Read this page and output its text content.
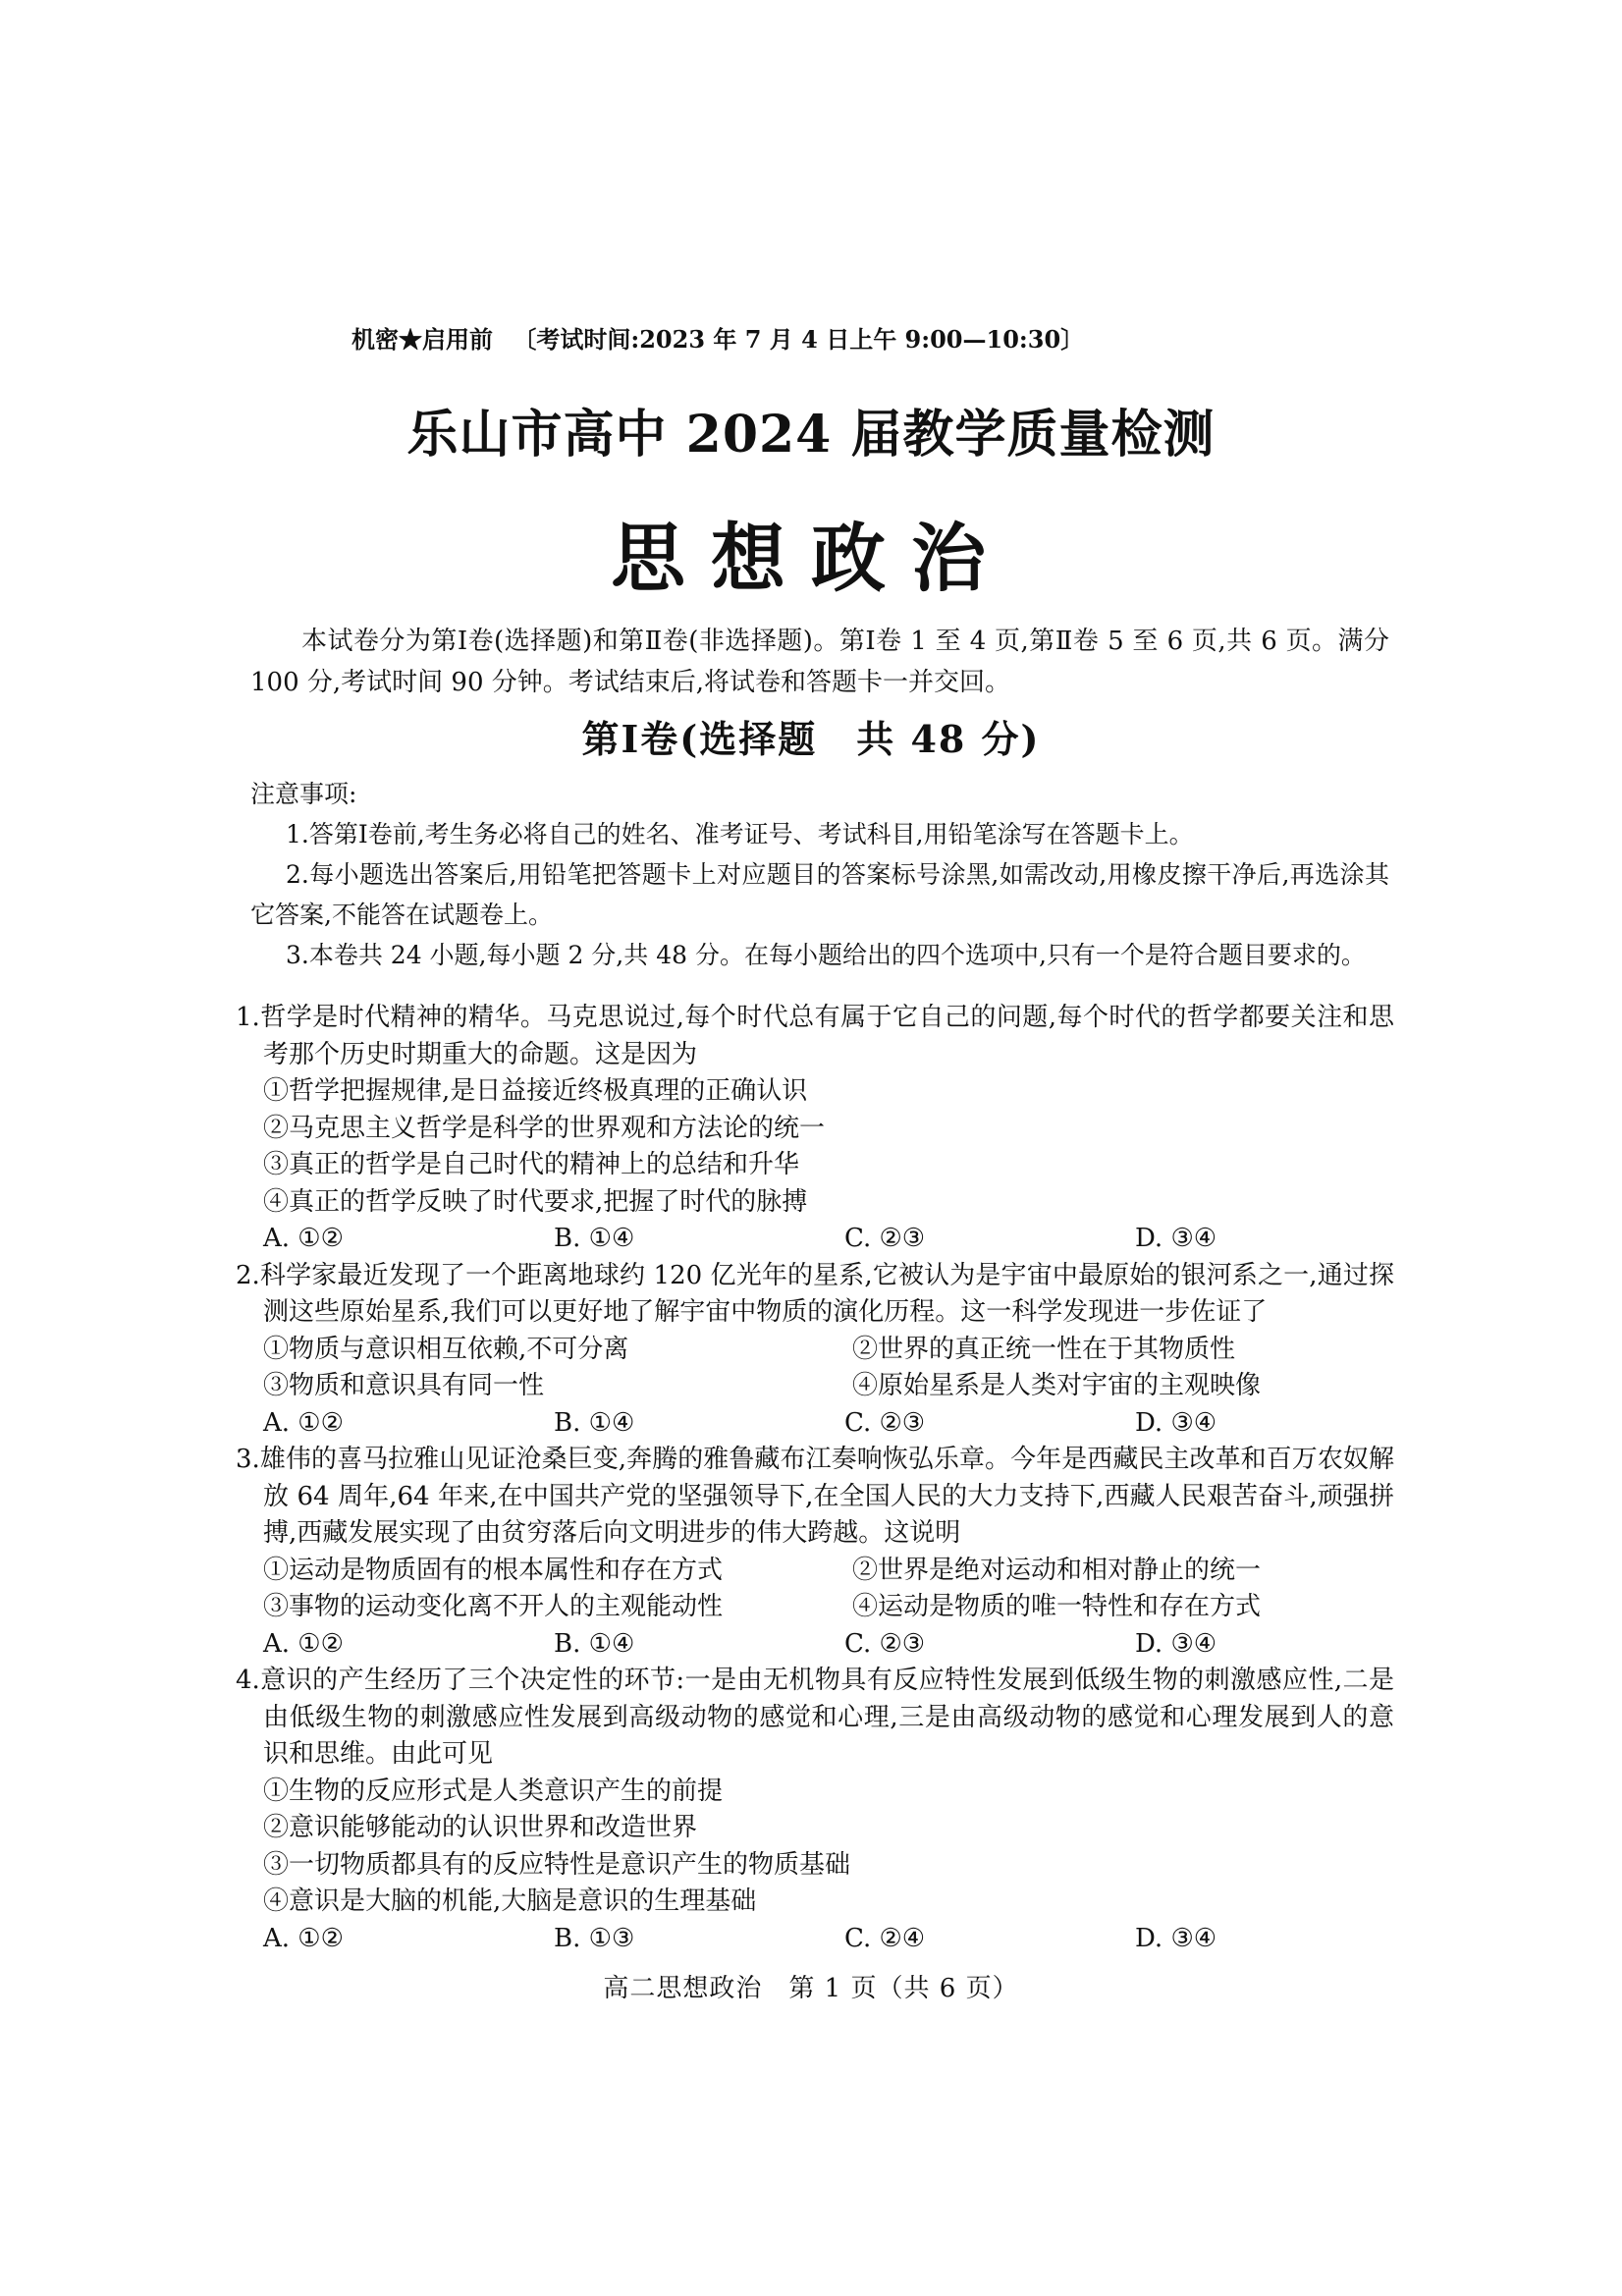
机密★启用前 〔考试时间:2023 年 7 月 4 日上午 9:00—10:30〕
乐山市高中 2024 届教学质量检测
思想政治
本试卷分为第Ⅰ卷(选择题)和第Ⅱ卷(非选择题)。第Ⅰ卷 1 至 4 页,第Ⅱ卷 5 至 6 页,共 6 页。满分 100 分,考试时间 90 分钟。考试结束后,将试卷和答题卡一并交回。
第Ⅰ卷(选择题　共 48 分)
注意事项:
1.答第Ⅰ卷前,考生务必将自己的姓名、准考证号、考试科目,用铅笔涂写在答题卡上。
2.每小题选出答案后,用铅笔把答题卡上对应题目的答案标号涂黑,如需改动,用橡皮擦干净后,再选涂其它答案,不能答在试题卷上。
3.本卷共 24 小题,每小题 2 分,共 48 分。在每小题给出的四个选项中,只有一个是符合题目要求的。
1.哲学是时代精神的精华。马克思说过,每个时代总有属于它自己的问题,每个时代的哲学都要关注和思考那个历史时期重大的命题。这是因为
①哲学把握规律,是日益接近终极真理的正确认识
②马克思主义哲学是科学的世界观和方法论的统一
③真正的哲学是自己时代的精神上的总结和升华
④真正的哲学反映了时代要求,把握了时代的脉搏
A. ①②	B. ①④	C. ②③	D. ③④
2.科学家最近发现了一个距离地球约 120 亿光年的星系,它被认为是宇宙中最原始的银河系之一,通过探测这些原始星系,我们可以更好地了解宇宙中物质的演化历程。这一科学发现进一步佐证了
①物质与意识相互依赖,不可分离	②世界的真正统一性在于其物质性
③物质和意识具有同一性	④原始星系是人类对宇宙的主观映像
A. ①②	B. ①④	C. ②③	D. ③④
3.雄伟的喜马拉雅山见证沧桑巨变,奔腾的雅鲁藏布江奏响恢弘乐章。今年是西藏民主改革和百万农奴解放 64 周年,64 年来,在中国共产党的坚强领导下,在全国人民的大力支持下,西藏人民艰苦奋斗,顽强拼搏,西藏发展实现了由贫穷落后向文明进步的伟大跨越。这说明
①运动是物质固有的根本属性和存在方式	②世界是绝对运动和相对静止的统一
③事物的运动变化离不开人的主观能动性	④运动是物质的唯一特性和存在方式
A. ①②	B. ①④	C. ②③	D. ③④
4.意识的产生经历了三个决定性的环节:一是由无机物具有反应特性发展到低级生物的刺激感应性,二是由低级生物的刺激感应性发展到高级动物的感觉和心理,三是由高级动物的感觉和心理发展到人的意识和思维。由此可见
①生物的反应形式是人类意识产生的前提
②意识能够能动的认识世界和改造世界
③一切物质都具有的反应特性是意识产生的物质基础
④意识是大脑的机能,大脑是意识的生理基础
A. ①②	B. ①③	C. ②④	D. ③④
高二思想政治　第 1 页（共 6 页）
